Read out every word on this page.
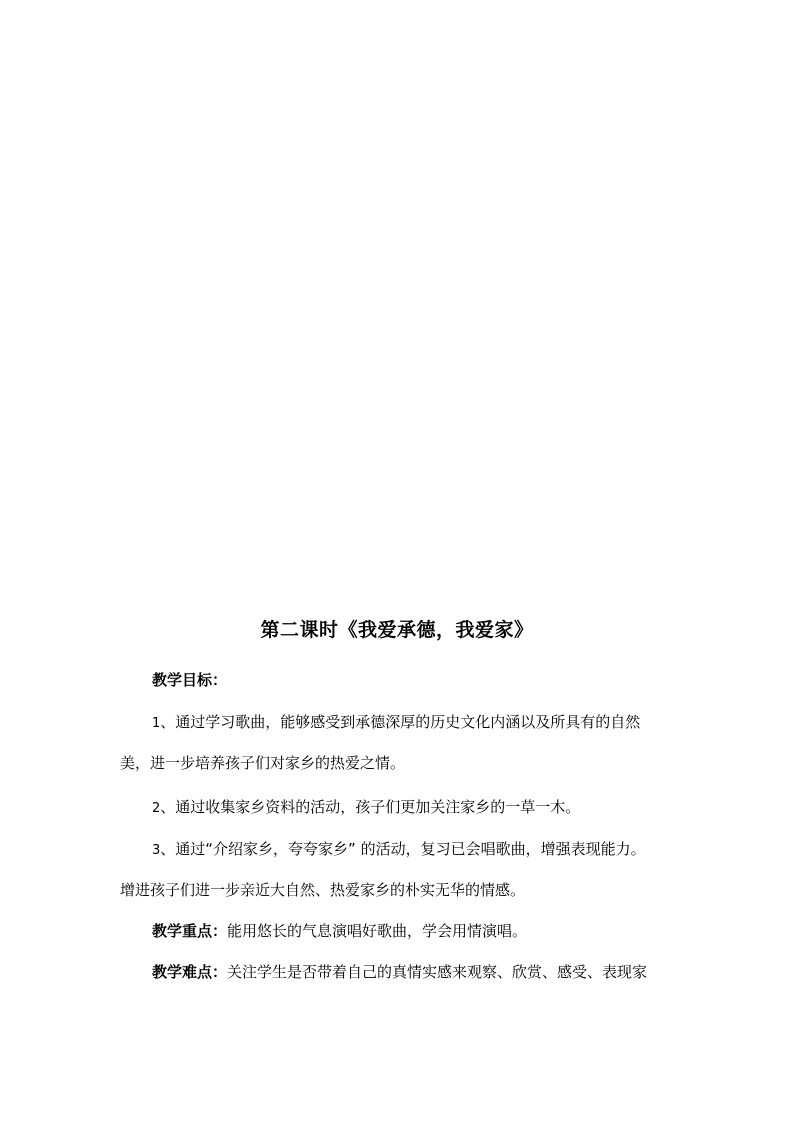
第二课时《我爱承德，我爱家》
教学目标：
1、通过学习歌曲，能够感受到承德深厚的历史文化内涵以及所具有的自然
美，进一步培养孩子们对家乡的热爱之情。
2、通过收集家乡资料的活动，孩子们更加关注家乡的一草一木。
3、通过“介绍家乡，夸夸家乡” 的活动，复习已会唱歌曲，增强表现能力。
增进孩子们进一步亲近大自然、热爱家乡的朴实无华的情感。
教学重点：能用悠长的气息演唱好歌曲，学会用情演唱。
教学难点：关注学生是否带着自己的真情实感来观察、欣赏、感受、表现家
